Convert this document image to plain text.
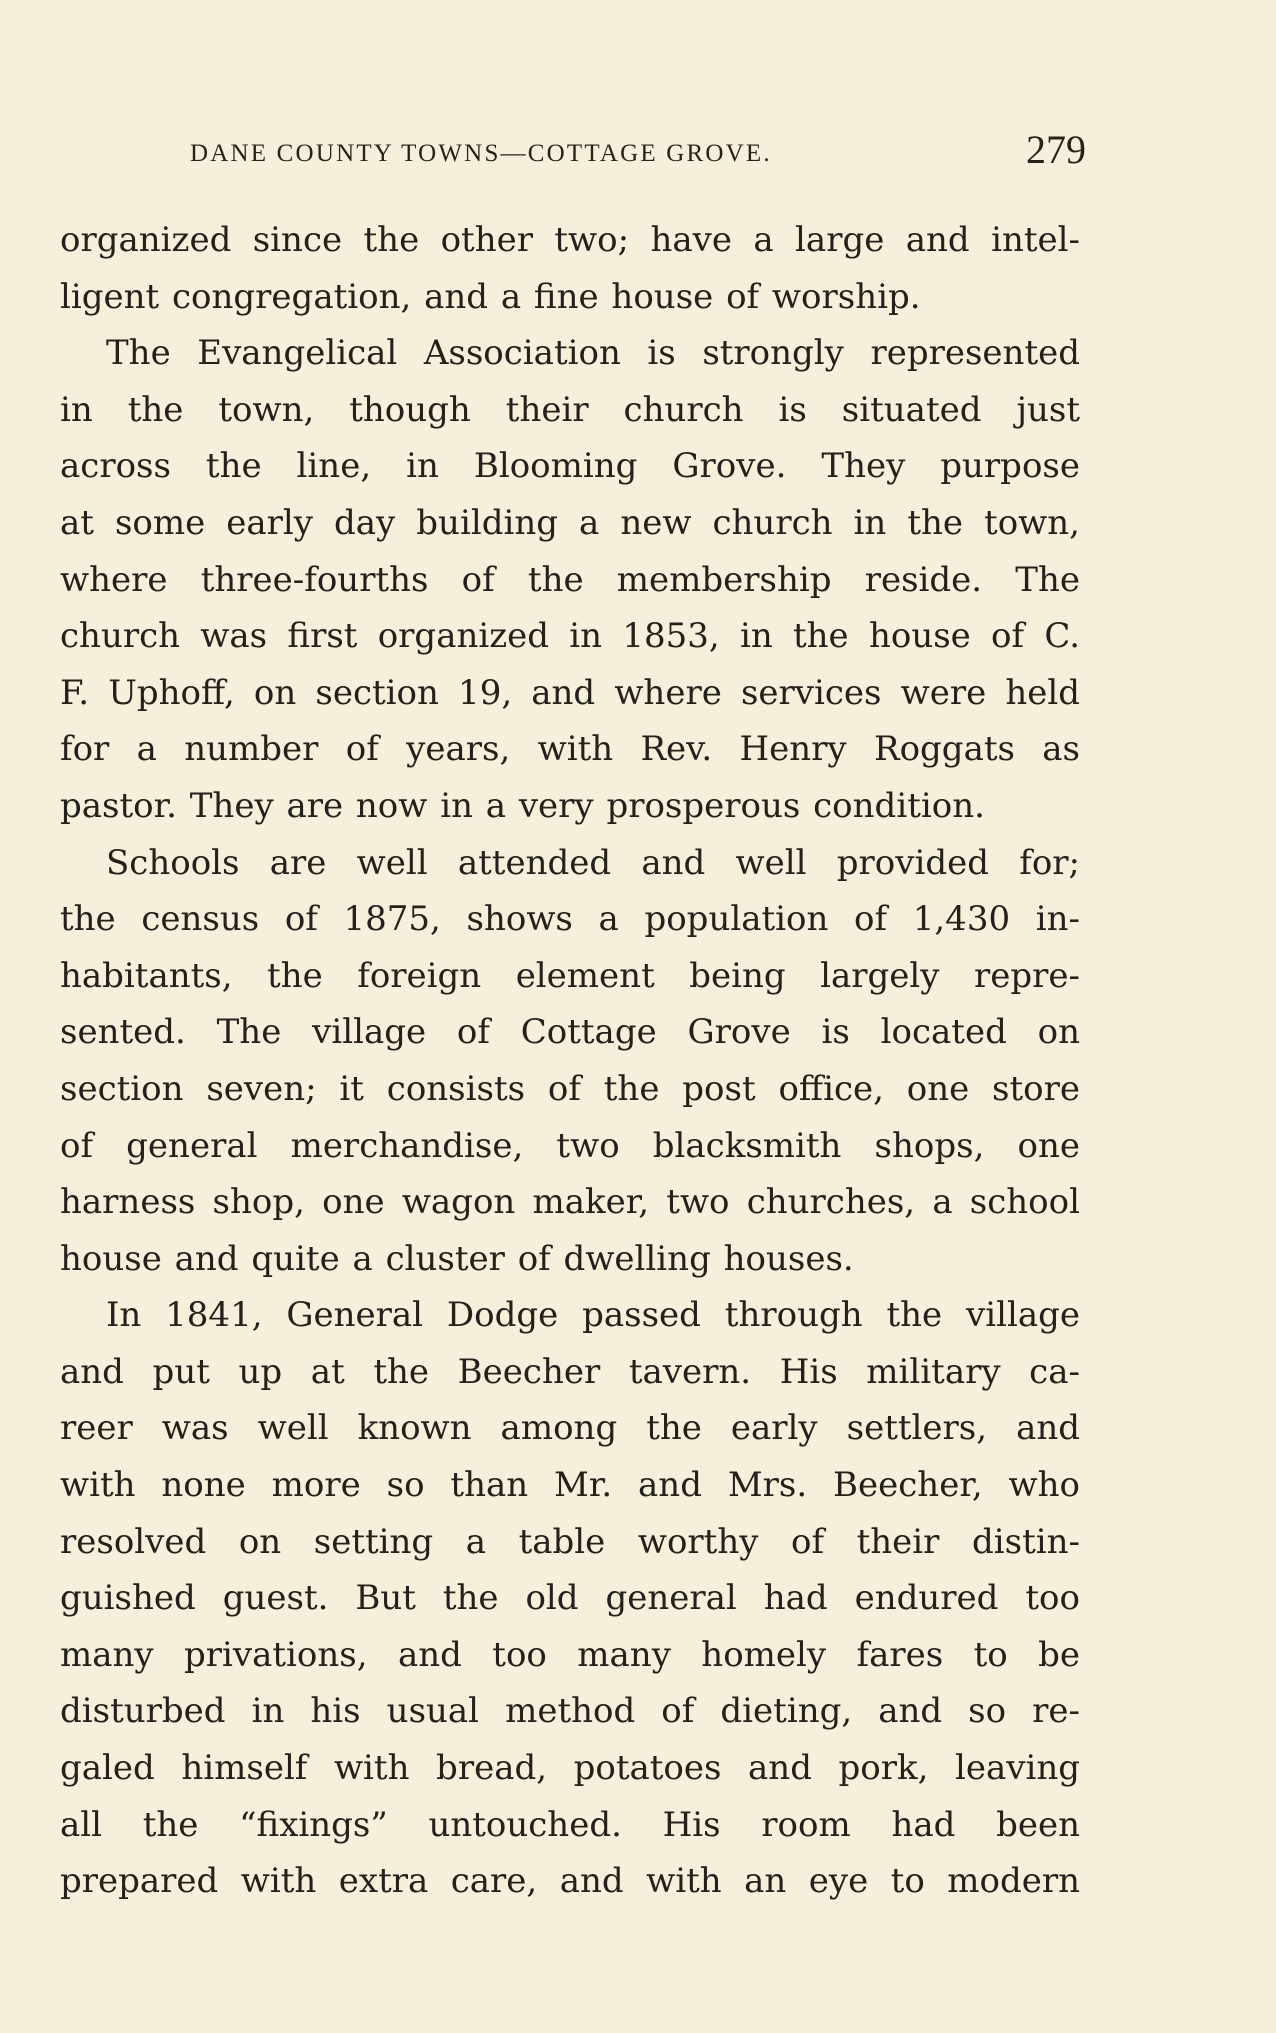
DANE COUNTY TOWNS—COTTAGE GROVE.	279
organized since the other two; have a large and intel-
ligent congregation, and a fine house of worship.
The Evangelical Association is strongly represented
in the town, though their church is situated just
across the line, in Blooming Grove. They purpose
at some early day building a new church in the town,
where three-fourths of the membership reside. The
church was first organized in 1853, in the house of C.
F. Uphoff, on section 19, and where services were held
for a number of years, with Rev. Henry Roggats as
pastor. They are now in a very prosperous condition.
Schools are well attended and well provided for;
the census of 1875, shows a population of 1,430 in-
habitants, the foreign element being largely repre-
sented. The village of Cottage Grove is located on
section seven; it consists of the post office, one store
of general merchandise, two blacksmith shops, one
harness shop, one wagon maker, two churches, a school
house and quite a cluster of dwelling houses.
In 1841, General Dodge passed through the village
and put up at the Beecher tavern. His military ca-
reer was well known among the early settlers, and
with none more so than Mr. and Mrs. Beecher, who
resolved on setting a table worthy of their distin-
guished guest. But the old general had endured too
many privations, and too many homely fares to be
disturbed in his usual method of dieting, and so re-
galed himself with bread, potatoes and pork, leaving
all the “fixings” untouched. His room had been
prepared with extra care, and with an eye to modern
